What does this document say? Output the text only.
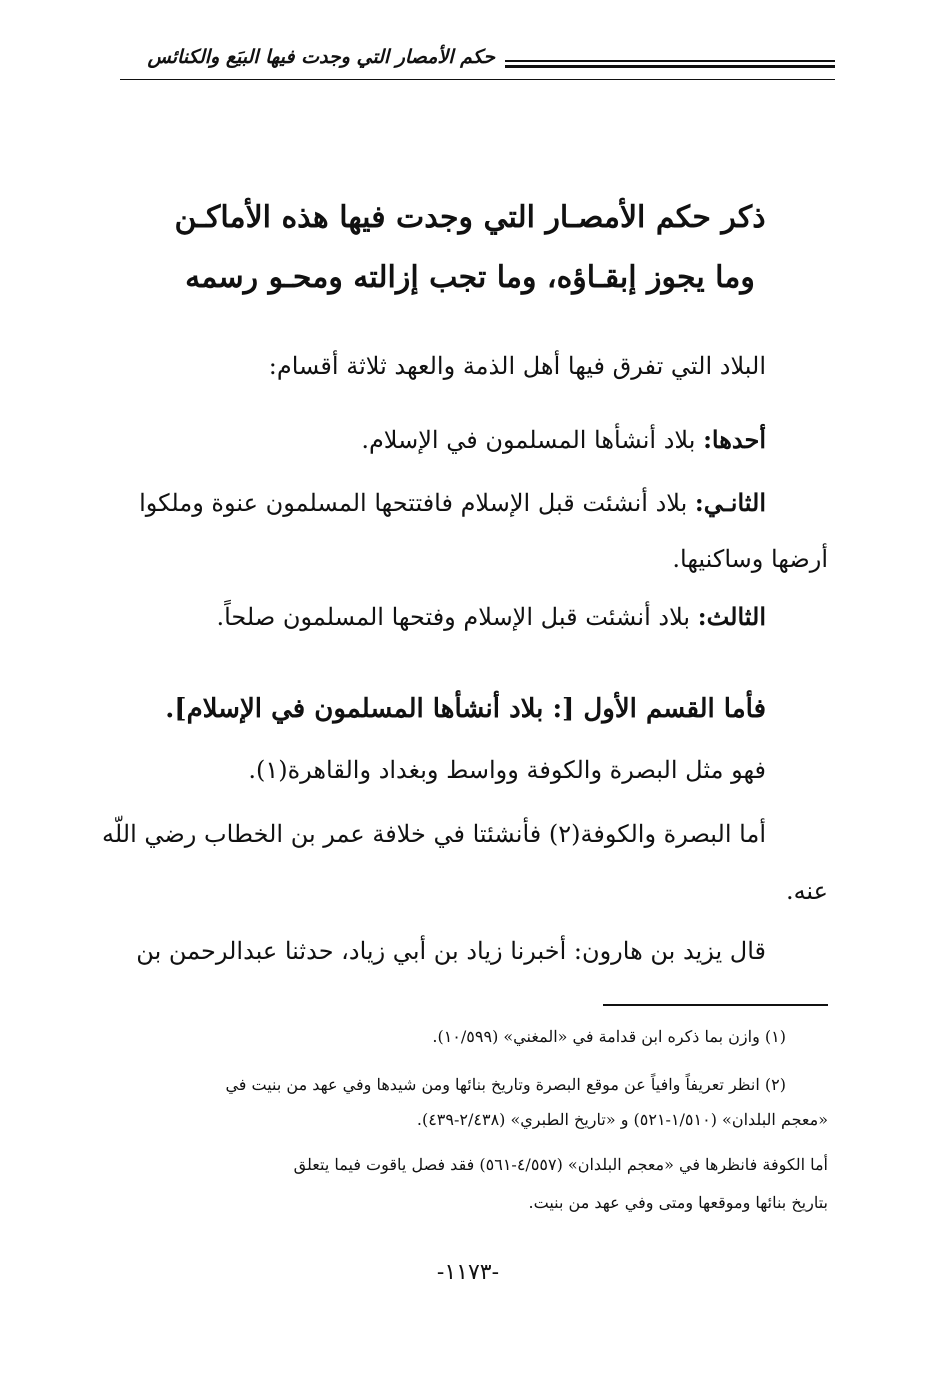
حكم الأمصار التي وجدت فيها البيَع والكنائس
ذكر حكم الأمصـار التي وجدت فيها هذه الأماكـن
وما يجوز إبقـاؤه، وما تجب إزالته ومحـو رسمه
البلاد التي تفرق فيها أهل الذمة والعهد ثلاثة أقسام:
أحدها: بلاد أنشأها المسلمون في الإسلام.
الثانـي: بلاد أنشئت قبل الإسلام فافتتحها المسلمون عنوة وملكوا
أرضها وساكنيها.
الثالث: بلاد أنشئت قبل الإسلام وفتحها المسلمون صلحاً.
فأما القسم الأول [: بلاد أنشأها المسلمون في الإسلام].
فهو مثل البصرة والكوفة وواسط وبغداد والقاهرة(١).
أما البصرة والكوفة(٢) فأنشئتا في خلافة عمر بن الخطاب رضي اللّه
عنه.
قال يزيد بن هارون: أخبرنا زياد بن أبي زياد، حدثنا عبدالرحمن بن
(١) وازن بما ذكره ابن قدامة في «المغني» (١٠/٥٩٩).
(٢) انظر تعريفاً وافياً عن موقع البصرة وتاريخ بنائها ومن شيدها وفي عهد من بنيت في
«معجم البلدان» (١/٥١٠-٥٢١) و «تاريخ الطبري» (٢/٤٣٨-٤٣٩).
أما الكوفة فانظرها في «معجم البلدان» (٤/٥٥٧-٥٦١) فقد فصل ياقوت فيما يتعلق
بتاريخ بنائها وموقعها ومتى وفي عهد من بنيت.
-١١٧٣-
